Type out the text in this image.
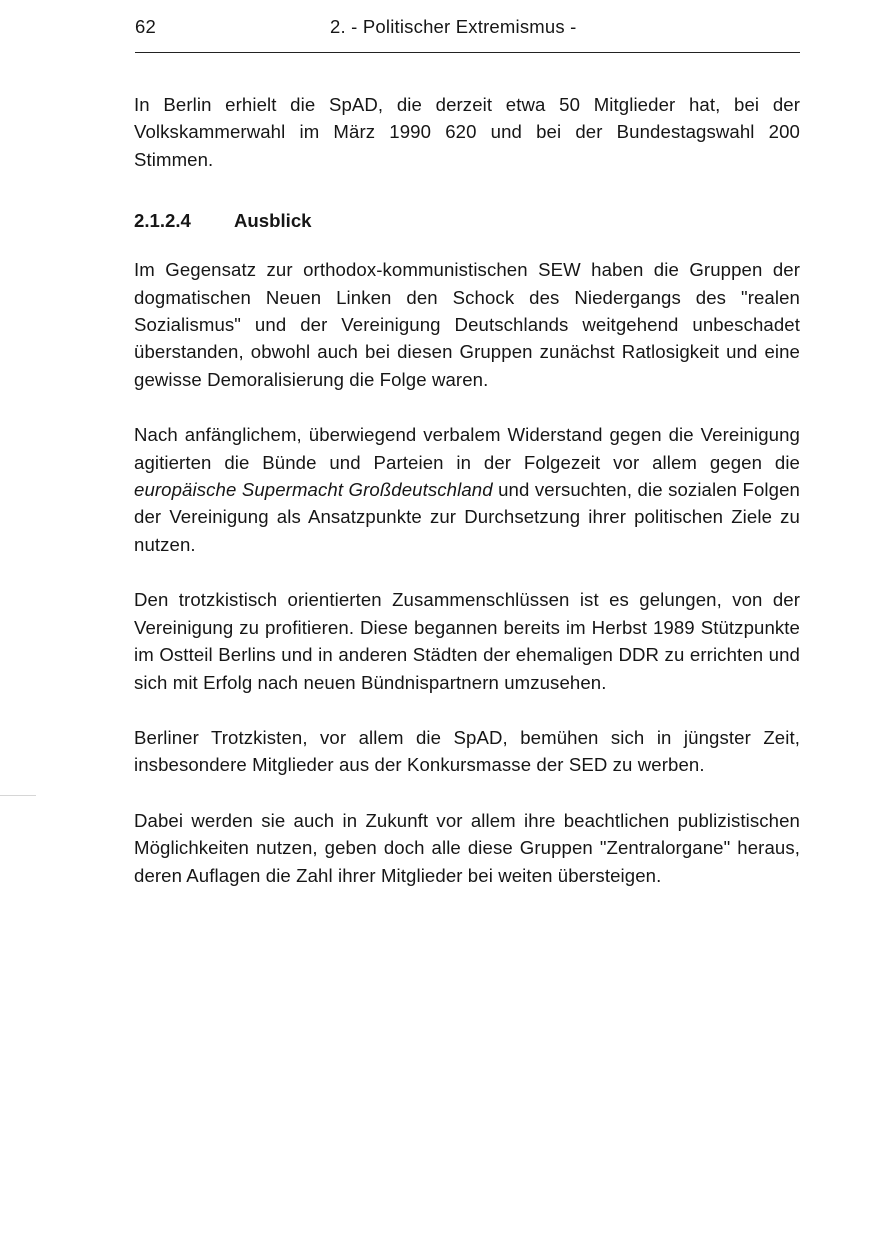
62	2. - Politischer Extremismus -

In Berlin erhielt die SpAD, die derzeit etwa 50 Mitglieder hat, bei der Volkskammerwahl im März 1990 620 und bei der Bundestagswahl 200 Stimmen.

2.1.2.4	Ausblick

Im Gegensatz zur orthodox-kommunistischen SEW haben die Gruppen der dogmatischen Neuen Linken den Schock des Niedergangs des "realen Sozialismus" und der Vereinigung Deutschlands weitgehend unbeschadet überstanden, obwohl auch bei diesen Gruppen zunächst Ratlosigkeit und eine gewisse Demoralisierung die Folge waren.

Nach anfänglichem, überwiegend verbalem Widerstand gegen die Vereinigung agitierten die Bünde und Parteien in der Folgezeit vor allem gegen die europäische Supermacht Großdeutschland und versuchten, die sozialen Folgen der Vereinigung als Ansatzpunkte zur Durchsetzung ihrer politischen Ziele zu nutzen.

Den trotzkistisch orientierten Zusammenschlüssen ist es gelungen, von der Vereinigung zu profitieren. Diese begannen bereits im Herbst 1989 Stützpunkte im Ostteil Berlins und in anderen Städten der ehemaligen DDR zu errichten und sich mit Erfolg nach neuen Bündnispartnern umzusehen.

Berliner Trotzkisten, vor allem die SpAD, bemühen sich in jüngster Zeit, insbesondere Mitglieder aus der Konkursmasse der SED zu werben.

Dabei werden sie auch in Zukunft vor allem ihre beachtlichen publizistischen Möglichkeiten nutzen, geben doch alle diese Gruppen "Zentralorgane" heraus, deren Auflagen die Zahl ihrer Mitglieder bei weiten übersteigen.
